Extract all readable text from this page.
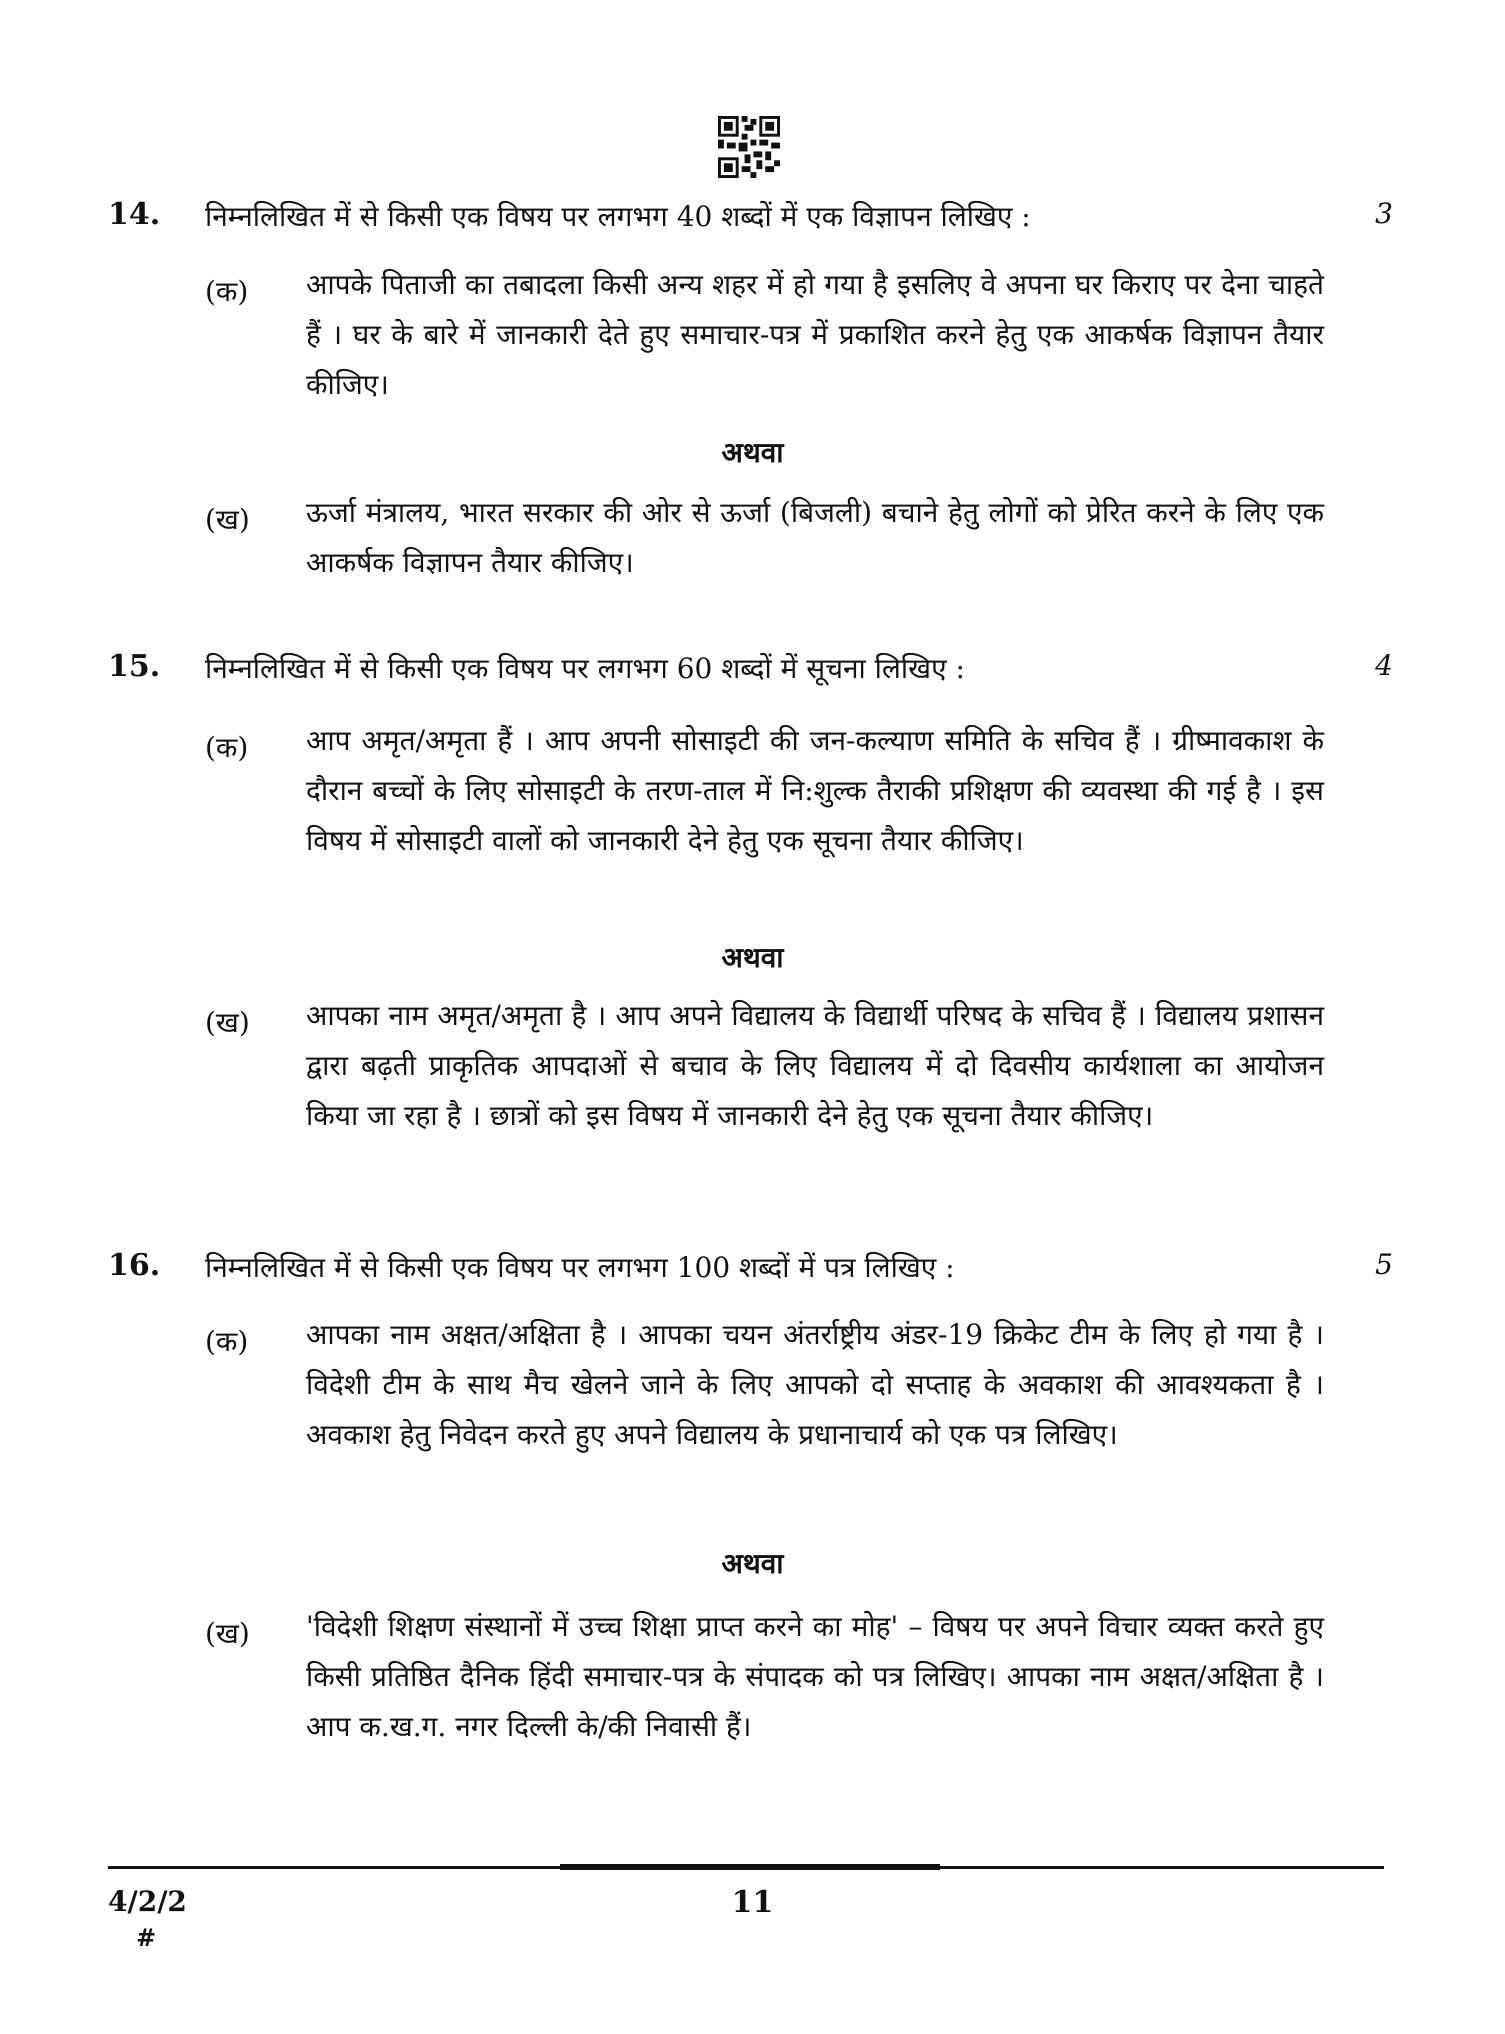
14. निम्नलिखित में से किसी एक विषय पर लगभग 40 शब्दों में एक विज्ञापन लिखिए :	3
(क) आपके पिताजी का तबादला किसी अन्य शहर में हो गया है इसलिए वे अपना घर किराए पर देना चाहते हैं । घर के बारे में जानकारी देते हुए समाचार-पत्र में प्रकाशित करने हेतु एक आकर्षक विज्ञापन तैयार कीजिए।
अथवा
(ख) ऊर्जा मंत्रालय, भारत सरकार की ओर से ऊर्जा (बिजली) बचाने हेतु लोगों को प्रेरित करने के लिए एक आकर्षक विज्ञापन तैयार कीजिए।
15. निम्नलिखित में से किसी एक विषय पर लगभग 60 शब्दों में सूचना लिखिए :	4
(क) आप अमृत/अमृता हैं । आप अपनी सोसाइटी की जन-कल्याण समिति के सचिव हैं । ग्रीष्मावकाश के दौरान बच्चों के लिए सोसाइटी के तरण-ताल में नि:शुल्क तैराकी प्रशिक्षण की व्यवस्था की गई है । इस विषय में सोसाइटी वालों को जानकारी देने हेतु एक सूचना तैयार कीजिए।
अथवा
(ख) आपका नाम अमृत/अमृता है । आप अपने विद्यालय के विद्यार्थी परिषद के सचिव हैं । विद्यालय प्रशासन द्वारा बढ़ती प्राकृतिक आपदाओं से बचाव के लिए विद्यालय में दो दिवसीय कार्यशाला का आयोजन किया जा रहा है । छात्रों को इस विषय में जानकारी देने हेतु एक सूचना तैयार कीजिए।
16. निम्नलिखित में से किसी एक विषय पर लगभग 100 शब्दों में पत्र लिखिए :	5
(क) आपका नाम अक्षत/अक्षिता है । आपका चयन अंतर्राष्ट्रीय अंडर-19 क्रिकेट टीम के लिए हो गया है । विदेशी टीम के साथ मैच खेलने जाने के लिए आपको दो सप्ताह के अवकाश की आवश्यकता है । अवकाश हेतु निवेदन करते हुए अपने विद्यालय के प्रधानाचार्य को एक पत्र लिखिए।
अथवा
(ख) 'विदेशी शिक्षण संस्थानों में उच्च शिक्षा प्राप्त करने का मोह' – विषय पर अपने विचार व्यक्त करते हुए किसी प्रतिष्ठित दैनिक हिंदी समाचार-पत्र के संपादक को पत्र लिखिए। आपका नाम अक्षत/अक्षिता है । आप क.ख.ग. नगर दिल्ली के/की निवासी हैं।
4/2/2
#
11
